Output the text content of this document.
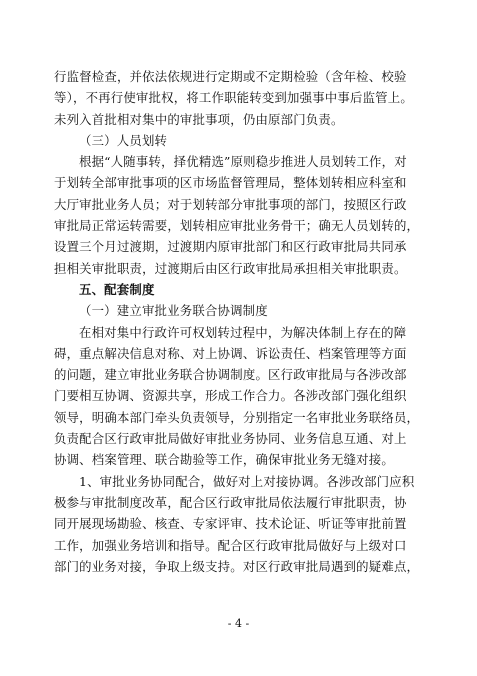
行监督检查，并依法依规进行定期或不定期检验（含年检、校验
等），不再行使审批权，将工作职能转变到加强事中事后监管上。
未列入首批相对集中的审批事项，仍由原部门负责。
（三）人员划转
根据“人随事转，择优精选”原则稳步推进人员划转工作，对
于划转全部审批事项的区市场监督管理局，整体划转相应科室和
大厅审批业务人员；对于划转部分审批事项的部门，按照区行政
审批局正常运转需要，划转相应审批业务骨干；确无人员划转的，
设置三个月过渡期，过渡期内原审批部门和区行政审批局共同承
担相关审批职责，过渡期后由区行政审批局承担相关审批职责。
五、配套制度
（一）建立审批业务联合协调制度
在相对集中行政许可权划转过程中，为解决体制上存在的障
碍，重点解决信息对称、对上协调、诉讼责任、档案管理等方面
的问题，建立审批业务联合协调制度。区行政审批局与各涉改部
门要相互协调、资源共享，形成工作合力。各涉改部门强化组织
领导，明确本部门牵头负责领导，分别指定一名审批业务联络员，
负责配合区行政审批局做好审批业务协同、业务信息互通、对上
协调、档案管理、联合勘验等工作，确保审批业务无缝对接。
1、审批业务协同配合，做好对上对接协调。各涉改部门应积
极参与审批制度改革，配合区行政审批局依法履行审批职责，协
同开展现场勘验、核查、专家评审、技术论证、听证等审批前置
工作，加强业务培训和指导。配合区行政审批局做好与上级对口
部门的业务对接，争取上级支持。对区行政审批局遇到的疑难点，
- 4 -
